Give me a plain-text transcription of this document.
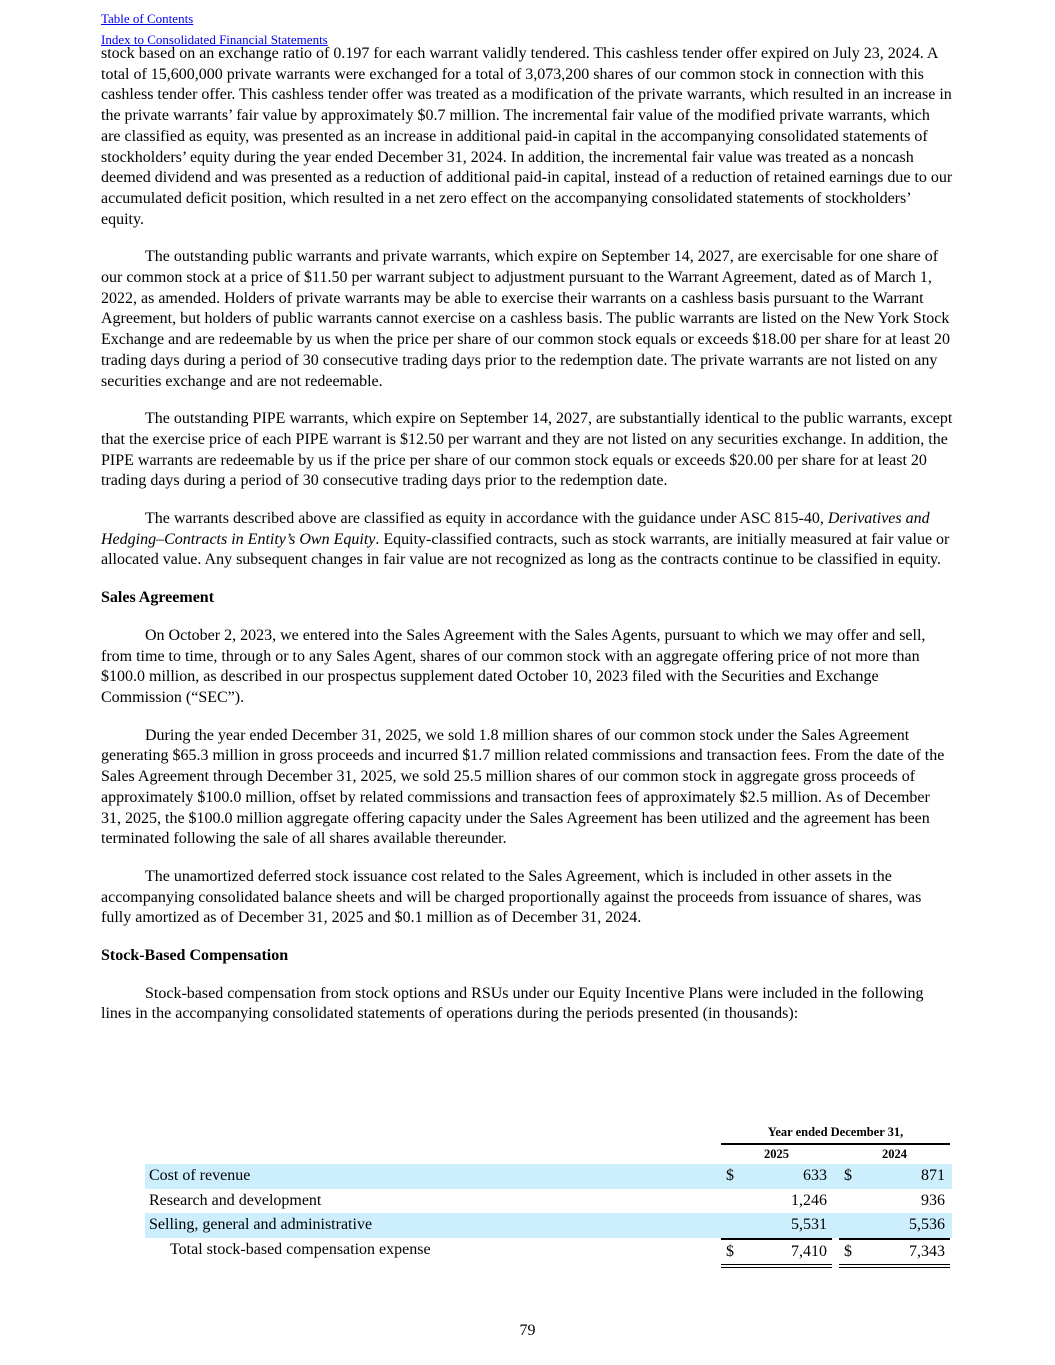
Table of Contents
Index to Consolidated Financial Statements

stock based on an exchange ratio of 0.197 for each warrant validly tendered. This cashless tender offer expired on July 23, 2024. A total of 15,600,000 private warrants were exchanged for a total of 3,073,200 shares of our common stock in connection with this cashless tender offer. This cashless tender offer was treated as a modification of the private warrants, which resulted in an increase in the private warrants’ fair value by approximately $0.7 million. The incremental fair value of the modified private warrants, which are classified as equity, was presented as an increase in additional paid-in capital in the accompanying consolidated statements of stockholders’ equity during the year ended December 31, 2024. In addition, the incremental fair value was treated as a noncash deemed dividend and was presented as a reduction of additional paid-in capital, instead of a reduction of retained earnings due to our accumulated deficit position, which resulted in a net zero effect on the accompanying consolidated statements of stockholders’ equity.

The outstanding public warrants and private warrants, which expire on September 14, 2027, are exercisable for one share of our common stock at a price of $11.50 per warrant subject to adjustment pursuant to the Warrant Agreement, dated as of March 1, 2022, as amended. Holders of private warrants may be able to exercise their warrants on a cashless basis pursuant to the Warrant Agreement, but holders of public warrants cannot exercise on a cashless basis. The public warrants are listed on the New York Stock Exchange and are redeemable by us when the price per share of our common stock equals or exceeds $18.00 per share for at least 20 trading days during a period of 30 consecutive trading days prior to the redemption date. The private warrants are not listed on any securities exchange and are not redeemable.

The outstanding PIPE warrants, which expire on September 14, 2027, are substantially identical to the public warrants, except that the exercise price of each PIPE warrant is $12.50 per warrant and they are not listed on any securities exchange. In addition, the PIPE warrants are redeemable by us if the price per share of our common stock equals or exceeds $20.00 per share for at least 20 trading days during a period of 30 consecutive trading days prior to the redemption date.

The warrants described above are classified as equity in accordance with the guidance under ASC 815-40, Derivatives and Hedging–Contracts in Entity’s Own Equity. Equity-classified contracts, such as stock warrants, are initially measured at fair value or allocated value. Any subsequent changes in fair value are not recognized as long as the contracts continue to be classified in equity.

Sales Agreement

On October 2, 2023, we entered into the Sales Agreement with the Sales Agents, pursuant to which we may offer and sell, from time to time, through or to any Sales Agent, shares of our common stock with an aggregate offering price of not more than $100.0 million, as described in our prospectus supplement dated October 10, 2023 filed with the Securities and Exchange Commission (“SEC”).

During the year ended December 31, 2025, we sold 1.8 million shares of our common stock under the Sales Agreement generating $65.3 million in gross proceeds and incurred $1.7 million related commissions and transaction fees. From the date of the Sales Agreement through December 31, 2025, we sold 25.5 million shares of our common stock in aggregate gross proceeds of approximately $100.0 million, offset by related commissions and transaction fees of approximately $2.5 million. As of December 31, 2025, the $100.0 million aggregate offering capacity under the Sales Agreement has been utilized and the agreement has been terminated following the sale of all shares available thereunder.

The unamortized deferred stock issuance cost related to the Sales Agreement, which is included in other assets in the accompanying consolidated balance sheets and will be charged proportionally against the proceeds from issuance of shares, was fully amortized as of December 31, 2025 and $0.1 million as of December 31, 2024.

Stock-Based Compensation

Stock-based compensation from stock options and RSUs under our Equity Incentive Plans were included in the following lines in the accompanying consolidated statements of operations during the periods presented (in thousands):

Year ended December 31,
2025	2024
Cost of revenue	$	633 $	871
Research and development	1,246	936
Selling, general and administrative	5,531	5,536
Total stock-based compensation expense	$	7,410 $	7,343
79
